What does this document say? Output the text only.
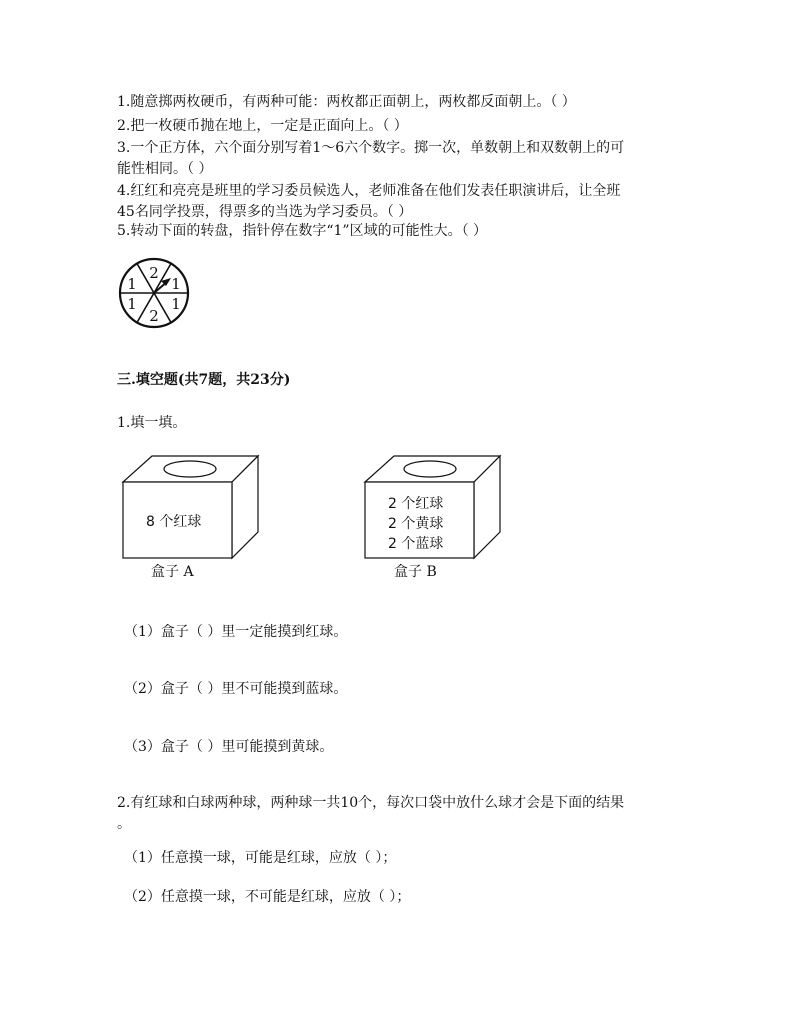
1.随意掷两枚硬币，有两种可能：两枚都正面朝上，两枚都反面朝上。（ ）

2.把一枚硬币抛在地上，一定是正面向上。（ ）

3.一个正方体，六个面分别写着1～6六个数字。掷一次，单数朝上和双数朝上的可

能性相同。（ ）

4.红红和亮亮是班里的学习委员候选人，老师准备在他们发表任职演讲后，让全班

45名同学投票，得票多的当选为学习委员。（ ）

5.转动下面的转盘，指针停在数字“1”区域的可能性大。（ ）

2
1
1
2
1
1

三.填空题(共7题，共23分)

1.填一填。

8 个红球

盒子 A

2 个红球
2 个黄球
2 个蓝球

盒子 B

（1）盒子（ ）里一定能摸到红球。

（2）盒子（ ）里不可能摸到蓝球。

（3）盒子（ ）里可能摸到黄球。

2.有红球和白球两种球，两种球一共10个，每次口袋中放什么球才会是下面的结果

。

（1）任意摸一球，可能是红球，应放（ ）；

（2）任意摸一球，不可能是红球，应放（ ）；
